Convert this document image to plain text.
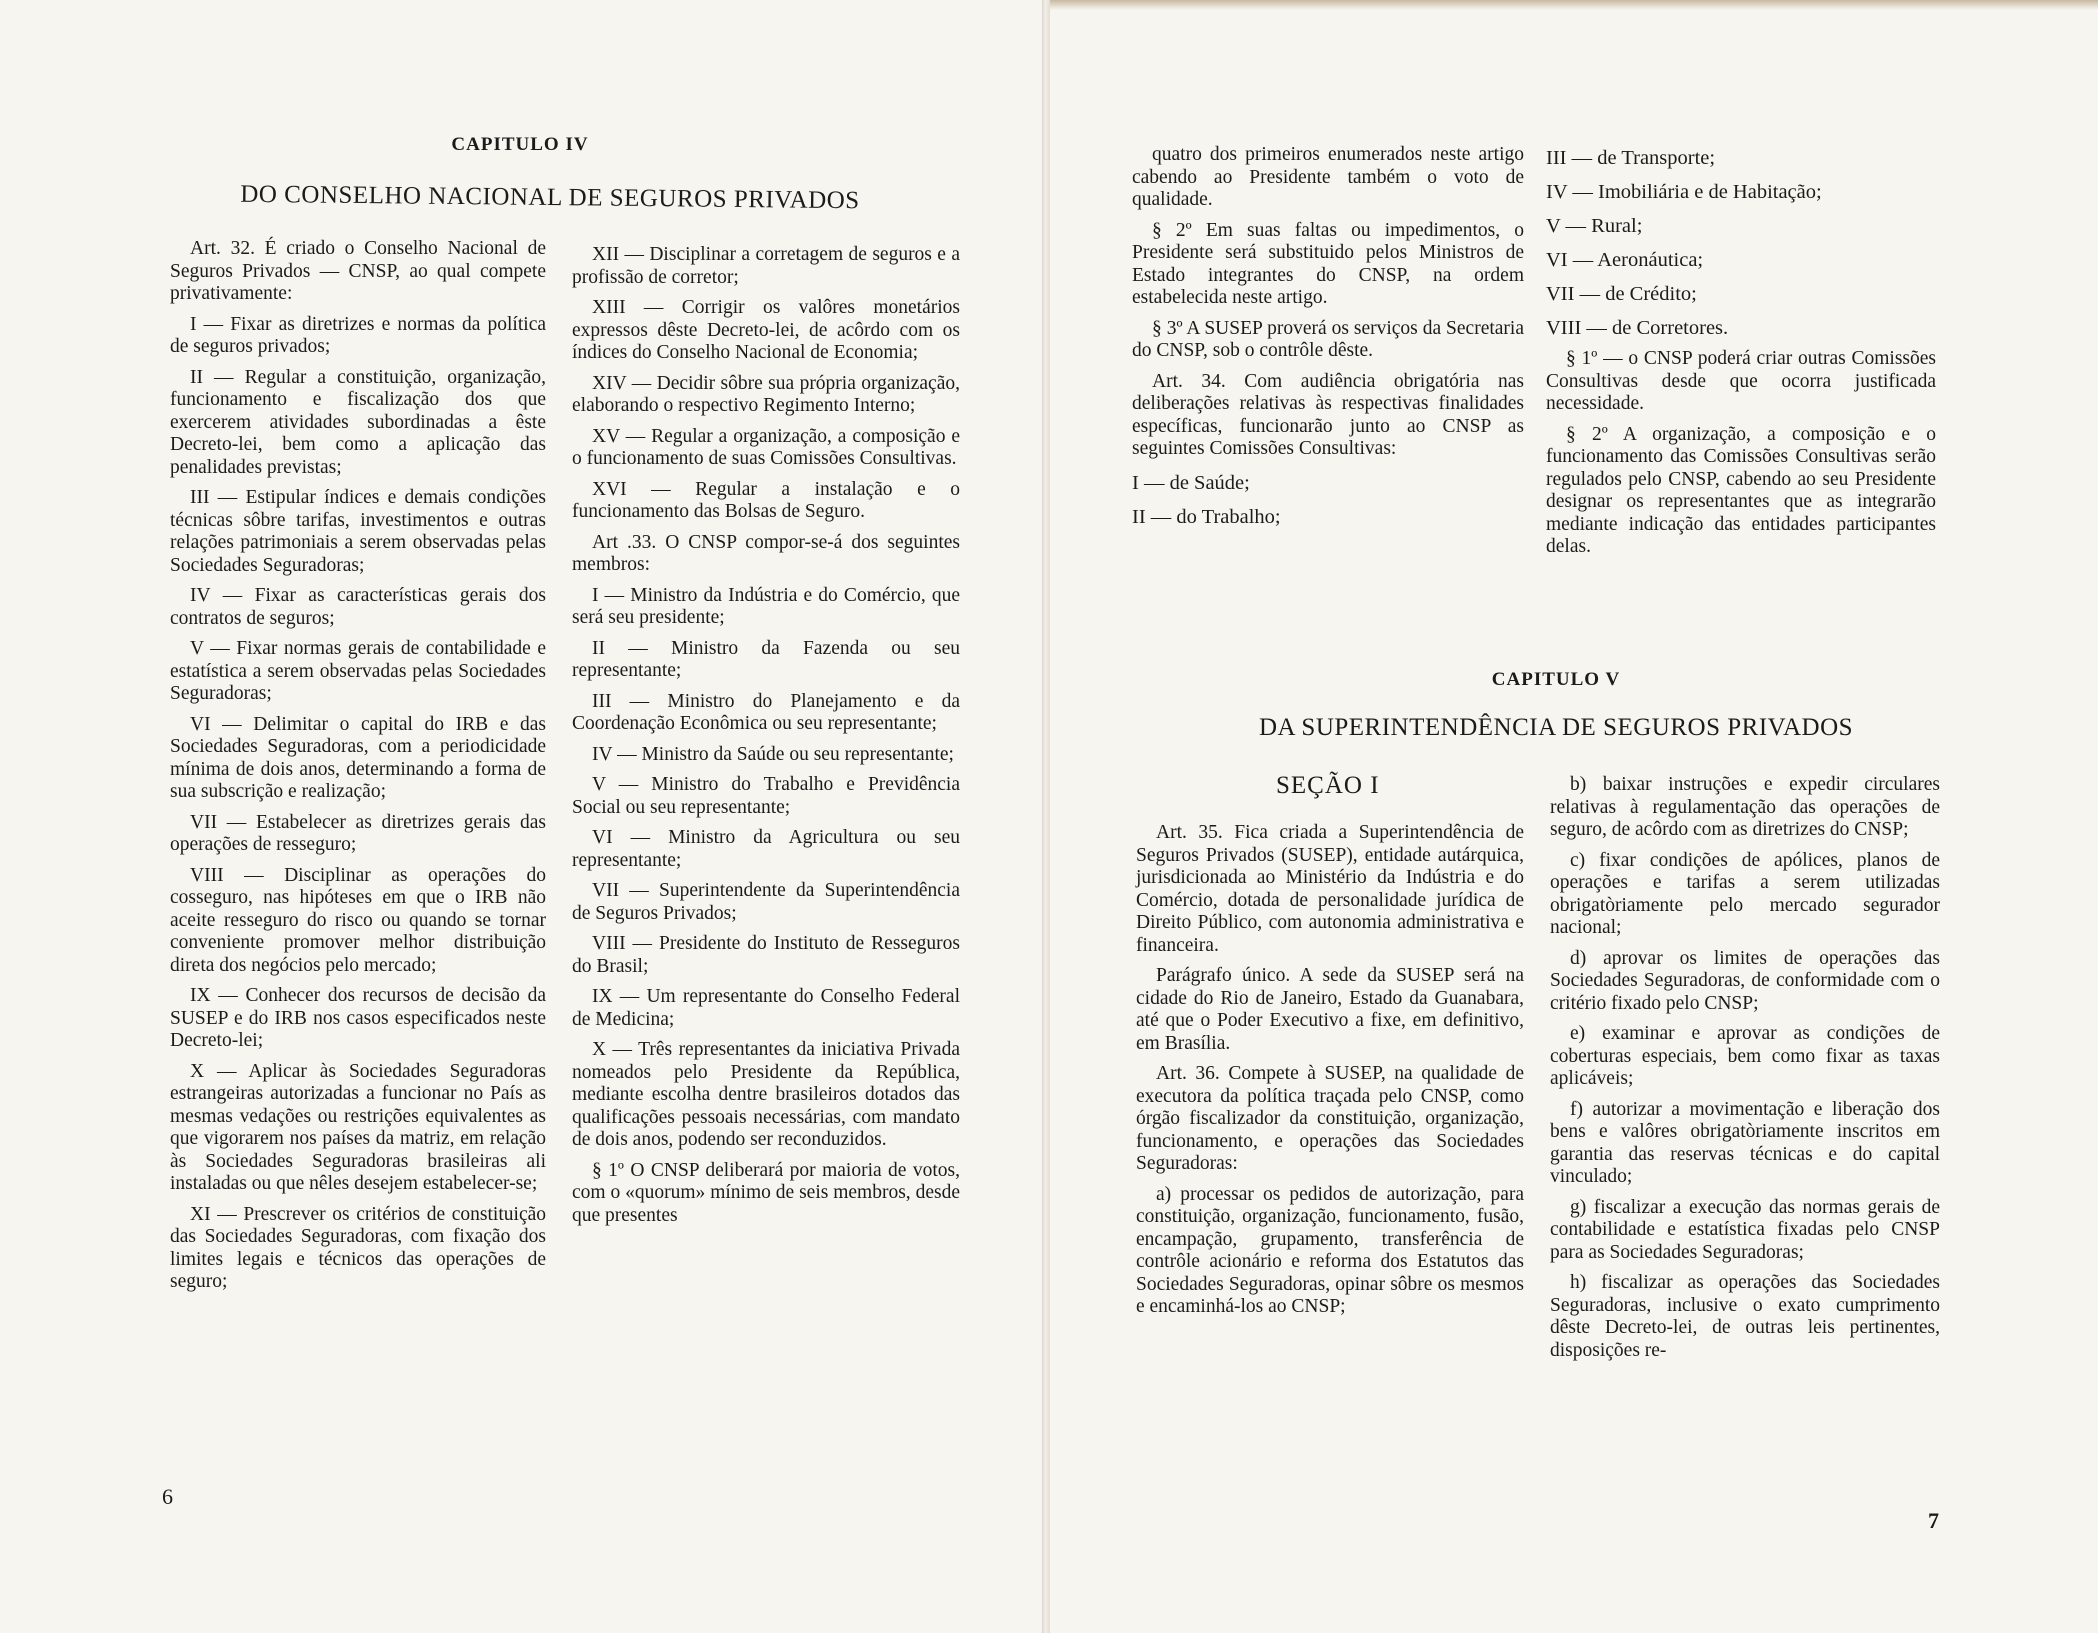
CAPITULO IV
DO CONSELHO NACIONAL DE SEGUROS PRIVADOS

Art. 32. É criado o Conselho Nacional de Seguros Privados — CNSP, ao qual compete privativamente:

I — Fixar as diretrizes e normas da política de seguros privados;

II — Regular a constituição, organização, funcionamento e fiscalização dos que exercerem atividades subordinadas a êste Decreto-lei, bem como a aplicação das penalidades previstas;

III — Estipular índices e demais condições técnicas sôbre tarifas, investimentos e outras relações patrimoniais a serem observadas pelas Sociedades Seguradoras;

IV — Fixar as características gerais dos contratos de seguros;

V — Fixar normas gerais de contabilidade e estatística a serem observadas pelas Sociedades Seguradoras;

VI — Delimitar o capital do IRB e das Sociedades Seguradoras, com a periodicidade mínima de dois anos, determinando a forma de sua subscrição e realização;

VII — Estabelecer as diretrizes gerais das operações de resseguro;

VIII — Disciplinar as operações do cosseguro, nas hipóteses em que o IRB não aceite resseguro do risco ou quando se tornar conveniente promover melhor distribuição direta dos negócios pelo mercado;

IX — Conhecer dos recursos de decisão da SUSEP e do IRB nos casos especificados neste Decreto-lei;

X — Aplicar às Sociedades Seguradoras estrangeiras autorizadas a funcionar no País as mesmas vedações ou restrições equivalentes as que vigorarem nos países da matriz, em relação às Sociedades Seguradoras brasileiras ali instaladas ou que nêles desejem estabelecer-se;

XI — Prescrever os critérios de constituição das Sociedades Seguradoras, com fixação dos limites legais e técnicos das operações de seguro;

XII — Disciplinar a corretagem de seguros e a profissão de corretor;

XIII — Corrigir os valôres monetários expressos dêste Decreto-lei, de acôrdo com os índices do Conselho Nacional de Economia;

XIV — Decidir sôbre sua própria organização, elaborando o respectivo Regimento Interno;

XV — Regular a organização, a composição e o funcionamento de suas Comissões Consultivas.

XVI — Regular a instalação e o funcionamento das Bolsas de Seguro.

Art .33. O CNSP compor-se-á dos seguintes membros:

I — Ministro da Indústria e do Comércio, que será seu presidente;

II — Ministro da Fazenda ou seu representante;

III — Ministro do Planejamento e da Coordenação Econômica ou seu representante;

IV — Ministro da Saúde ou seu representante;

V — Ministro do Trabalho e Previdência Social ou seu representante;

VI — Ministro da Agricultura ou seu representante;

VII — Superintendente da Superintendência de Seguros Privados;

VIII — Presidente do Instituto de Resseguros do Brasil;

IX — Um representante do Conselho Federal de Medicina;

X — Três representantes da iniciativa Privada nomeados pelo Presidente da República, mediante escolha dentre brasileiros dotados das qualificações pessoais necessárias, com mandato de dois anos, podendo ser reconduzidos.

§ 1º O CNSP deliberará por maioria de votos, com o «quorum» mínimo de seis membros, desde que presentes

6

quatro dos primeiros enumerados neste artigo cabendo ao Presidente também o voto de qualidade.

§ 2º Em suas faltas ou impedimentos, o Presidente será substituido pelos Ministros de Estado integrantes do CNSP, na ordem estabelecida neste artigo.

§ 3º A SUSEP proverá os serviços da Secretaria do CNSP, sob o contrôle dêste.

Art. 34. Com audiência obrigatória nas deliberações relativas às respectivas finalidades específicas, funcionarão junto ao CNSP as seguintes Comissões Consultivas:

I — de Saúde;

II — do Trabalho;

III — de Transporte;

IV — Imobiliária e de Habitação;

V — Rural;

VI — Aeronáutica;

VII — de Crédito;

VIII — de Corretores.

§ 1º — o CNSP poderá criar outras Comissões Consultivas desde que ocorra justificada necessidade.

§ 2º A organização, a composição e o funcionamento das Comissões Consultivas serão regulados pelo CNSP, cabendo ao seu Presidente designar os representantes que as integrarão mediante indicação das entidades participantes delas.

CAPITULO V
DA SUPERINTENDÊNCIA DE SEGUROS PRIVADOS
SEÇÃO I

Art. 35. Fica criada a Superintendência de Seguros Privados (SUSEP), entidade autárquica, jurisdicionada ao Ministério da Indústria e do Comércio, dotada de personalidade jurídica de Direito Público, com autonomia administrativa e financeira.

Parágrafo único. A sede da SUSEP será na cidade do Rio de Janeiro, Estado da Guanabara, até que o Poder Executivo a fixe, em definitivo, em Brasília.

Art. 36. Compete à SUSEP, na qualidade de executora da política traçada pelo CNSP, como órgão fiscalizador da constituição, organização, funcionamento, e operações das Sociedades Seguradoras:

a) processar os pedidos de autorização, para constituição, organização, funcionamento, fusão, encampação, grupamento, transferência de contrôle acionário e reforma dos Estatutos das Sociedades Seguradoras, opinar sôbre os mesmos e encaminhá-los ao CNSP;

b) baixar instruções e expedir circulares relativas à regulamentação das operações de seguro, de acôrdo com as diretrizes do CNSP;

c) fixar condições de apólices, planos de operações e tarifas a serem utilizadas obrigatòriamente pelo mercado segurador nacional;

d) aprovar os limites de operações das Sociedades Seguradoras, de conformidade com o critério fixado pelo CNSP;

e) examinar e aprovar as condições de coberturas especiais, bem como fixar as taxas aplicáveis;

f) autorizar a movimentação e liberação dos bens e valôres obrigatòriamente inscritos em garantia das reservas técnicas e do capital vinculado;

g) fiscalizar a execução das normas gerais de contabilidade e estatística fixadas pelo CNSP para as Sociedades Seguradoras;

h) fiscalizar as operações das Sociedades Seguradoras, inclusive o exato cumprimento dêste Decreto-lei, de outras leis pertinentes, disposições re-

7
